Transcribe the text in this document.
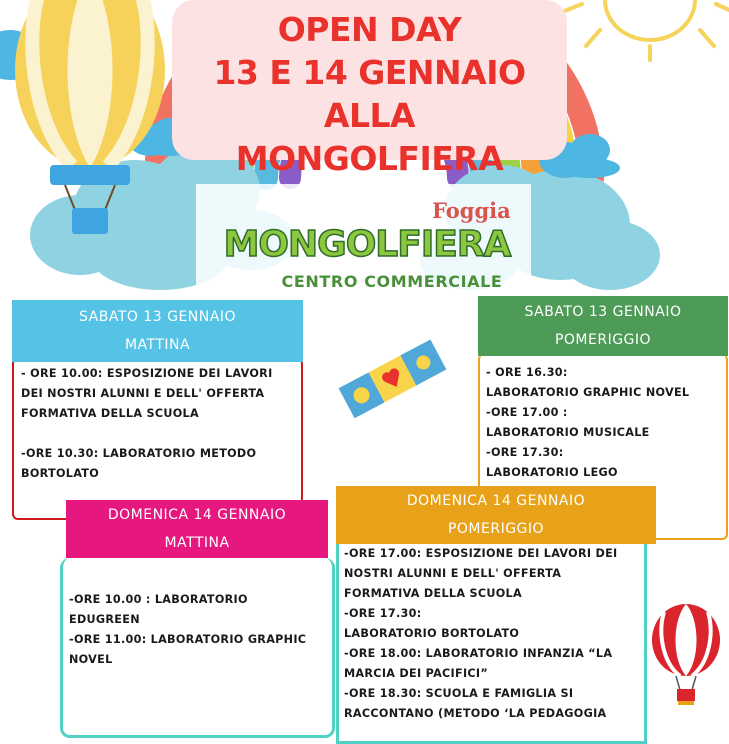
OPEN DAY
13 E 14 GENNAIO ALLA
MONGOLFIERA
Foggia
MONGOLFIERA
CENTRO COMMERCIALE

- ORE 10.00: ESPOSIZIONE DEI LAVORI
DEI NOSTRI ALUNNI E DELL' OFFERTA
FORMATIVA DELLA SCUOLA

-ORE 10.30: LABORATORIO METODO
BORTOLATO

SABATO 13 GENNAIO
MATTINA

- ORE 16.30:
LABORATORIO GRAPHIC NOVEL
-ORE 17.00 :
LABORATORIO MUSICALE
-ORE 17.30:
LABORATORIO LEGO

SABATO 13 GENNAIO
POMERIGGIO

-ORE 10.00 : LABORATORIO
EDUGREEN
-ORE 11.00: LABORATORIO GRAPHIC
NOVEL

DOMENICA 14 GENNAIO
MATTINA

-ORE 17.00: ESPOSIZIONE DEI LAVORI DEI
NOSTRI ALUNNI E DELL' OFFERTA
FORMATIVA DELLA SCUOLA
-ORE 17.30:
LABORATORIO BORTOLATO
-ORE 18.00: LABORATORIO INFANZIA “LA
MARCIA DEI PACIFICI”
-ORE 18.30: SCUOLA E FAMIGLIA SI
RACCONTANO (METODO ‘LA PEDAGOGIA

DOMENICA 14 GENNAIO
POMERIGGIO
